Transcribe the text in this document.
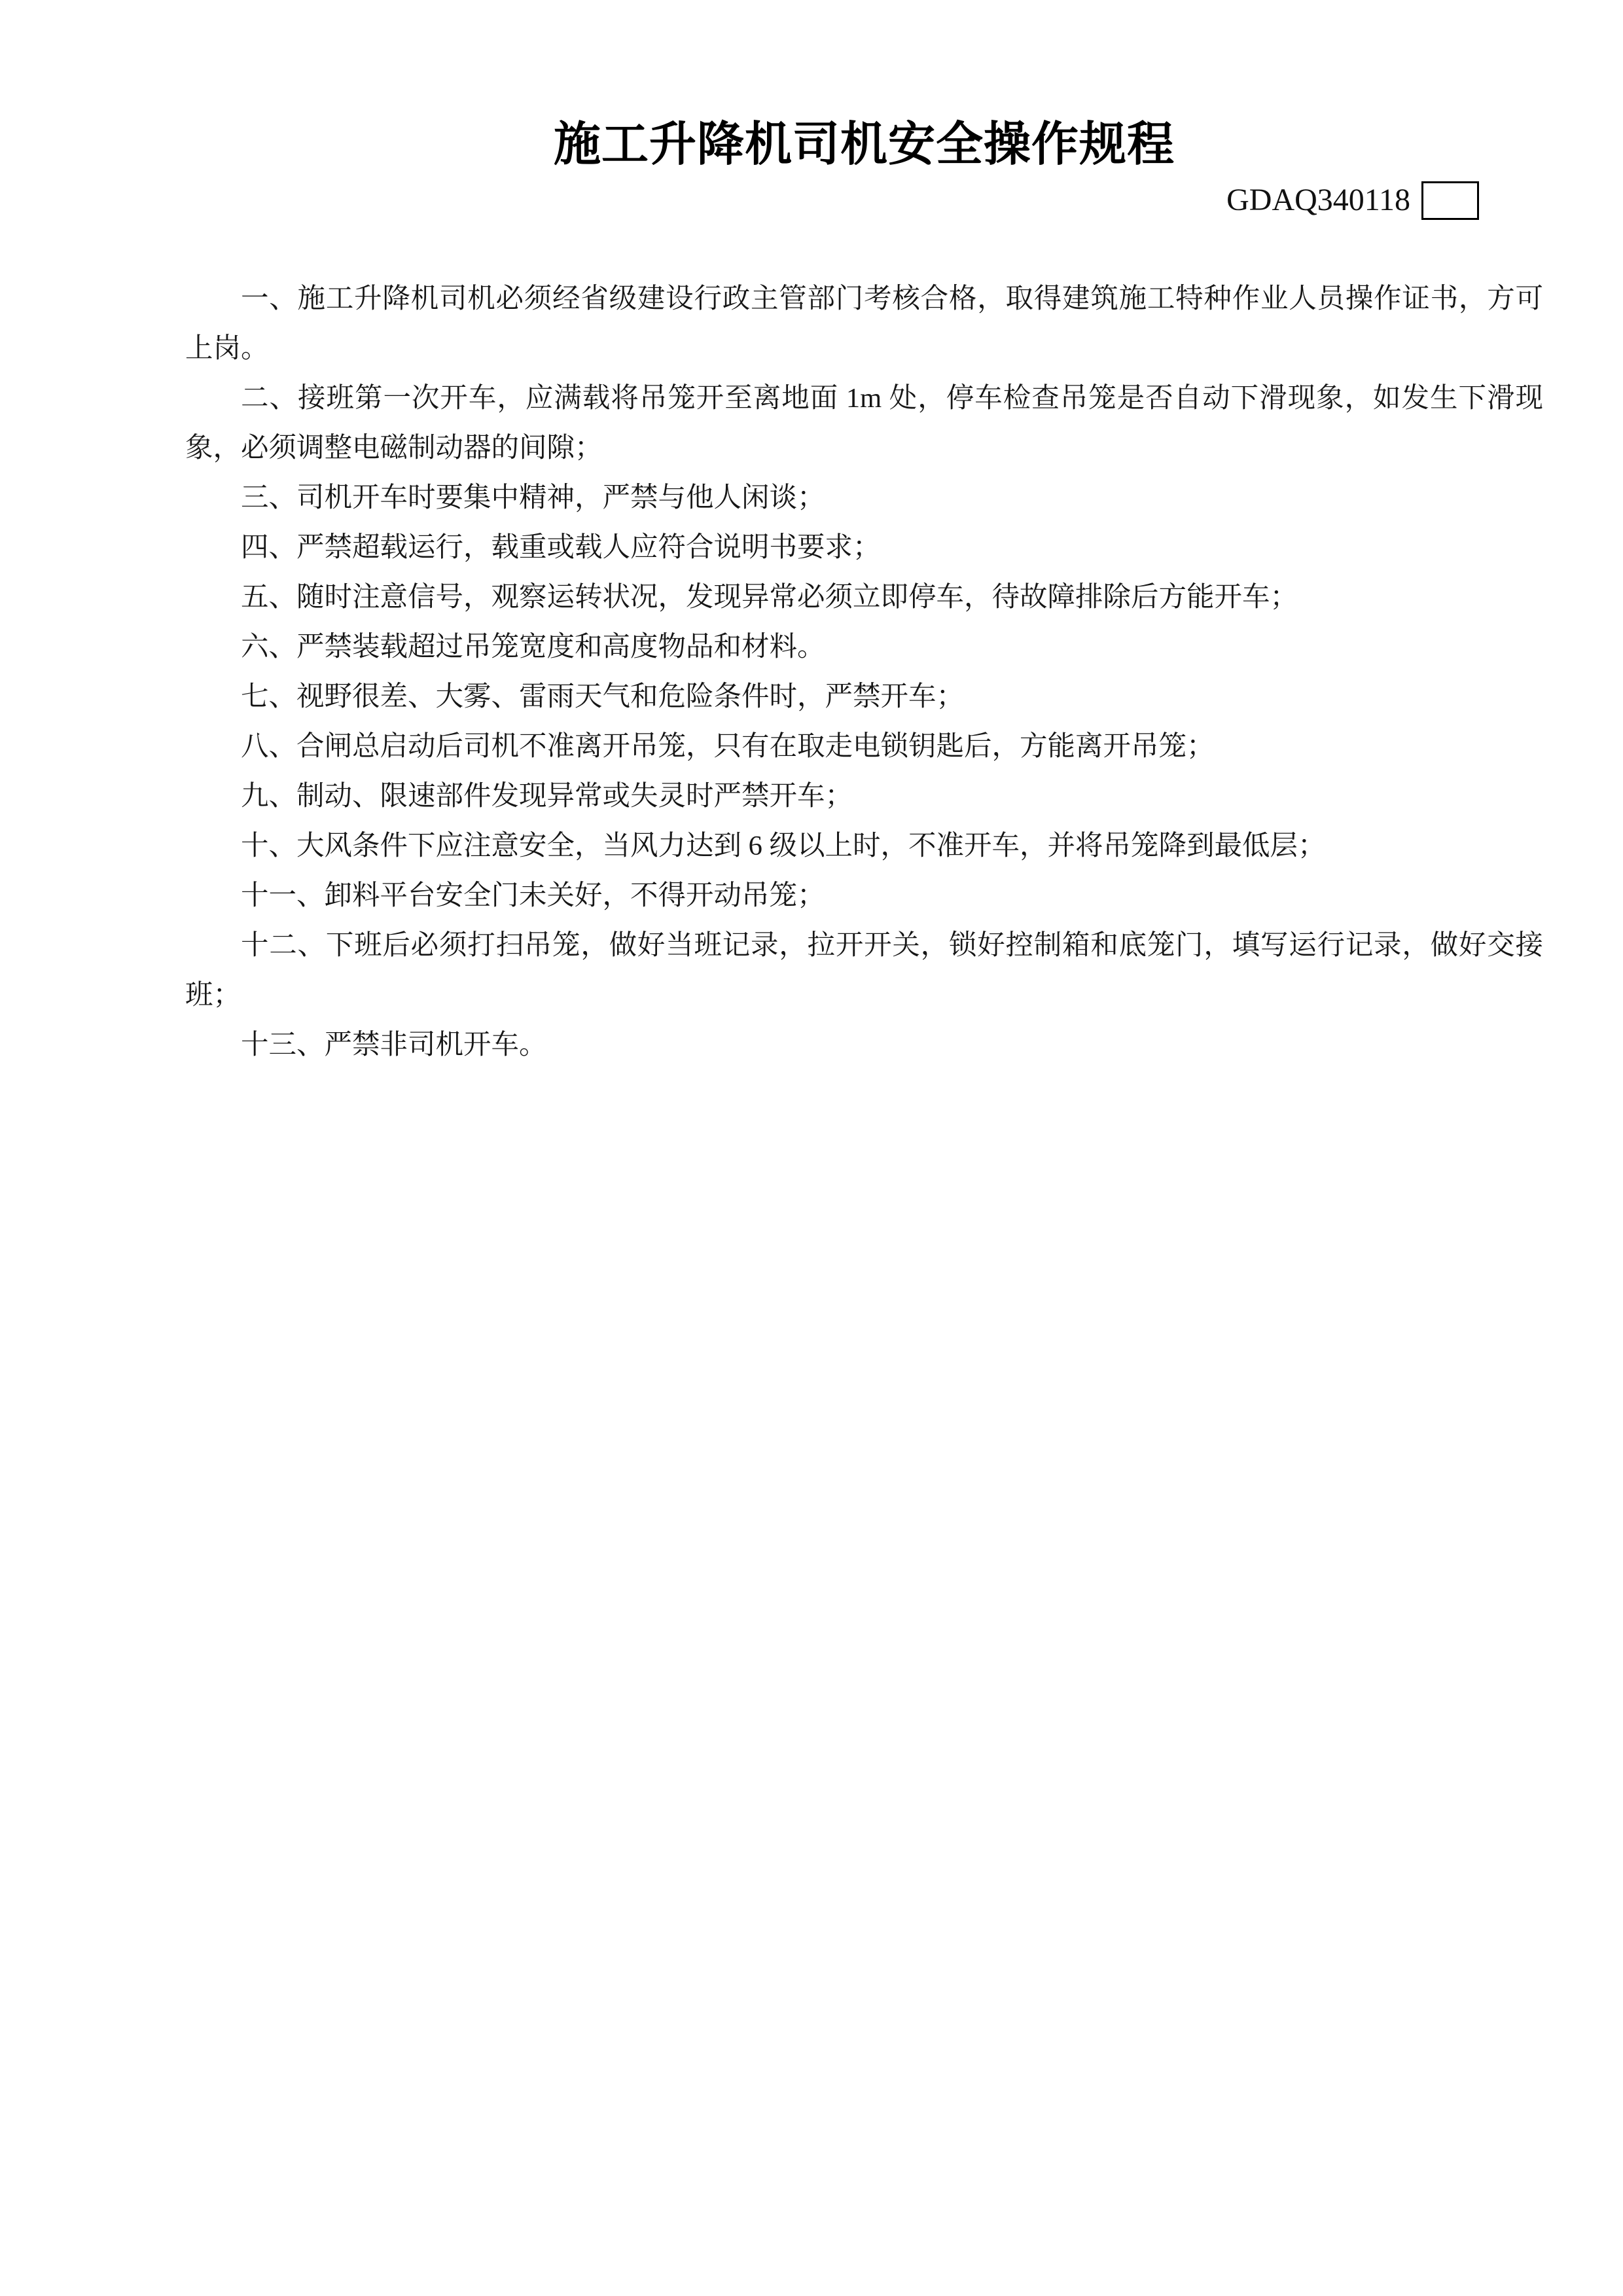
施工升降机司机安全操作规程
GDAQ340118

一、施工升降机司机必须经省级建设行政主管部门考核合格，取得建筑施工特种作业人员操作证书，方可上岗。

二、接班第一次开车，应满载将吊笼开至离地面 1m 处，停车检查吊笼是否自动下滑现象，如发生下滑现象，必须调整电磁制动器的间隙；

三、司机开车时要集中精神，严禁与他人闲谈；

四、严禁超载运行，载重或载人应符合说明书要求；

五、随时注意信号，观察运转状况，发现异常必须立即停车，待故障排除后方能开车；

六、严禁装载超过吊笼宽度和高度物品和材料。

七、视野很差、大雾、雷雨天气和危险条件时，严禁开车；

八、合闸总启动后司机不准离开吊笼，只有在取走电锁钥匙后，方能离开吊笼；

九、制动、限速部件发现异常或失灵时严禁开车；

十、大风条件下应注意安全，当风力达到 6 级以上时，不准开车，并将吊笼降到最低层；

十一、卸料平台安全门未关好，不得开动吊笼；

十二、下班后必须打扫吊笼，做好当班记录，拉开开关，锁好控制箱和底笼门，填写运行记录，做好交接班；

十三、严禁非司机开车。
